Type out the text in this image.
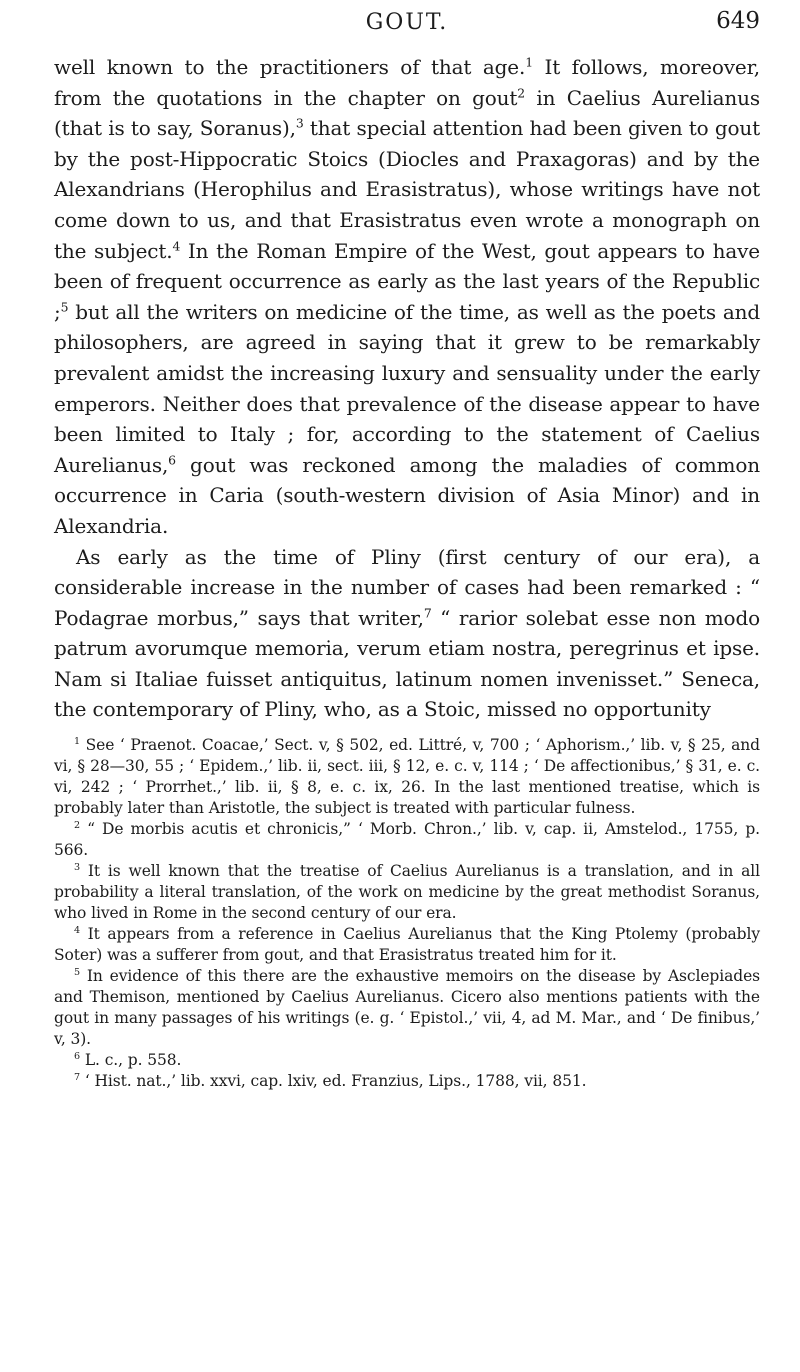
GOUT.	649

well known to the practitioners of that age.$^1$ It follows, moreover, from the quotations in the chapter on gout$^2$ in Caelius Aurelianus (that is to say, Soranus),$^3$ that special attention had been given to gout by the post-Hippocratic Stoics (Diocles and Praxagoras) and by the Alexandrians (Herophilus and Erasistratus), whose writings have not come down to us, and that Erasistratus even wrote a monograph on the subject.$^4$ In the Roman Empire of the West, gout appears to have been of frequent occurrence as early as the last years of the Republic ;$^5$ but all the writers on medicine of the time, as well as the poets and philosophers, are agreed in saying that it grew to be remarkably prevalent amidst the increasing luxury and sensuality under the early emperors. Neither does that prevalence of the disease appear to have been limited to Italy ; for, according to the statement of Caelius Aurelianus,$^6$ gout was reckoned among the maladies of common occurrence in Caria (south-western division of Asia Minor) and in Alexandria.

As early as the time of Pliny (first century of our era), a considerable increase in the number of cases had been remarked : “ Podagrae morbus,” says that writer,$^7$ “ rarior solebat esse non modo patrum avorumque memoria, verum etiam nostra, peregrinus et ipse. Nam si Italiae fuisset antiquitus, latinum nomen invenisset.” Seneca, the contemporary of Pliny, who, as a Stoic, missed no opportunity

$^1$ See ‘ Praenot. Coacae,’ Sect. v, § 502, ed. Littré, v, 700 ; ‘ Aphorism.,’ lib. v, § 25, and vi, § 28—30, 55 ; ‘ Epidem.,’ lib. ii, sect. iii, § 12, e. c. v, 114 ; ‘ De affectionibus,’ § 31, e. c. vi, 242 ; ‘ Prorrhet.,’ lib. ii, § 8, e. c. ix, 26. In the last mentioned treatise, which is probably later than Aristotle, the subject is treated with particular fulness.

$^2$ “ De morbis acutis et chronicis,” ‘ Morb. Chron.,’ lib. v, cap. ii, Amstelod., 1755, p. 566.

$^3$ It is well known that the treatise of Caelius Aurelianus is a translation, and in all probability a literal translation, of the work on medicine by the great methodist Soranus, who lived in Rome in the second century of our era.

$^4$ It appears from a reference in Caelius Aurelianus that the King Ptolemy (probably Soter) was a sufferer from gout, and that Erasistratus treated him for it.

$^5$ In evidence of this there are the exhaustive memoirs on the disease by Asclepiades and Themison, mentioned by Caelius Aurelianus. Cicero also mentions patients with the gout in many passages of his writings (e. g. ‘ Epistol.,’ vii, 4, ad M. Mar., and ‘ De finibus,’ v, 3).

$^6$ L. c., p. 558.

$^7$ ‘ Hist. nat.,’ lib. xxvi, cap. lxiv, ed. Franzius, Lips., 1788, vii, 851.
